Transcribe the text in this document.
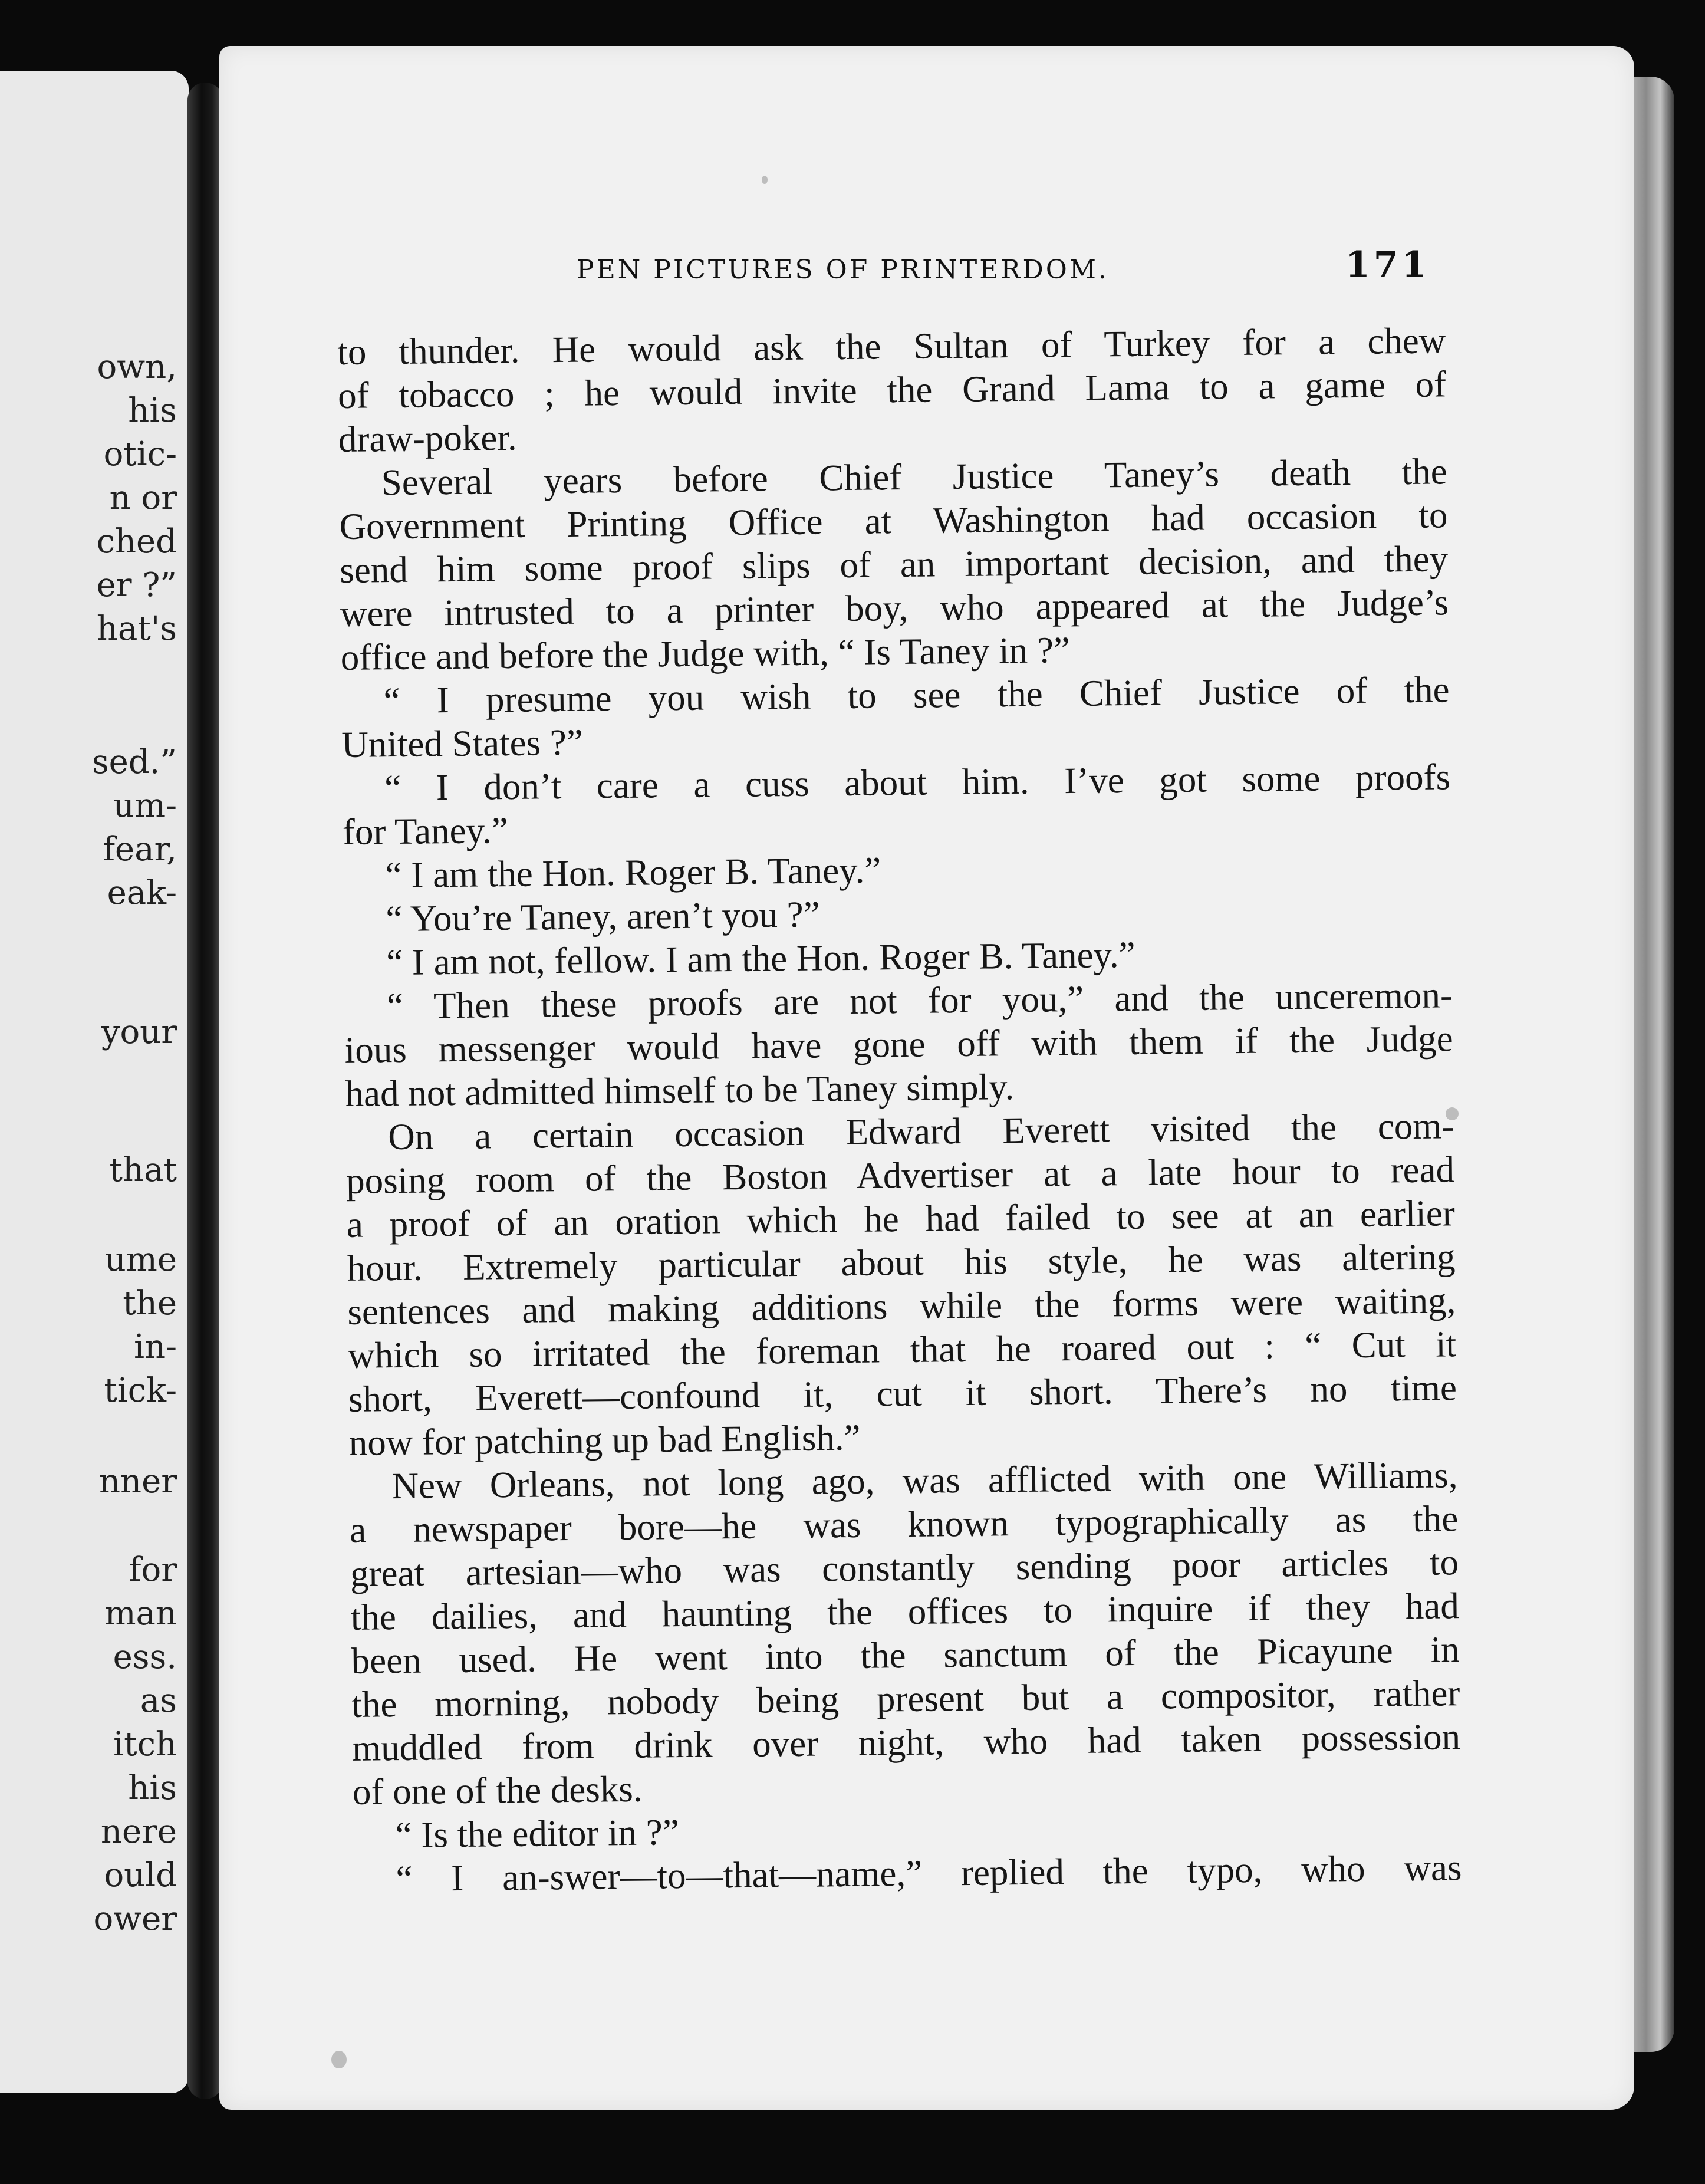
own,
his
otic-
n or
ched
er ?”
hat's
sed.”
um-
fear,
eak-
your
that
ume
the
in-
tick-
nner
for
man
ess.
as
itch
his
nere
ould
ower
PEN PICTURES OF PRINTERDOM.	171
to thunder. He would ask the Sultan of Turkey for a chew
of tobacco ; he would invite the Grand Lama to a game of
draw-poker.
Several years before Chief Justice Taney’s death the
Government Printing Office at Washington had occasion to
send him some proof slips of an important decision, and they
were intrusted to a printer boy, who appeared at the Judge’s
office and before the Judge with, “ Is Taney in ?”
“ I presume you wish to see the Chief Justice of the
United States ?”
“ I don’t care a cuss about him. I’ve got some proofs
for Taney.”
“ I am the Hon. Roger B. Taney.”
“ You’re Taney, aren’t you ?”
“ I am not, fellow. I am the Hon. Roger B. Taney.”
“ Then these proofs are not for you,” and the unceremon-
ious messenger would have gone off with them if the Judge
had not admitted himself to be Taney simply.
On a certain occasion Edward Everett visited the com-
posing room of the Boston Advertiser at a late hour to read
a proof of an oration which he had failed to see at an earlier
hour. Extremely particular about his style, he was altering
sentences and making additions while the forms were waiting,
which so irritated the foreman that he roared out : “ Cut it
short, Everett—confound it, cut it short. There’s no time
now for patching up bad English.”
New Orleans, not long ago, was afflicted with one Williams,
a newspaper bore—he was known typographically as the
great artesian—who was constantly sending poor articles to
the dailies, and haunting the offices to inquire if they had
been used. He went into the sanctum of the Picayune in
the morning, nobody being present but a compositor, rather
muddled from drink over night, who had taken possession
of one of the desks.
“ Is the editor in ?”
“ I an-swer—to—that—name,” replied the typo, who was
